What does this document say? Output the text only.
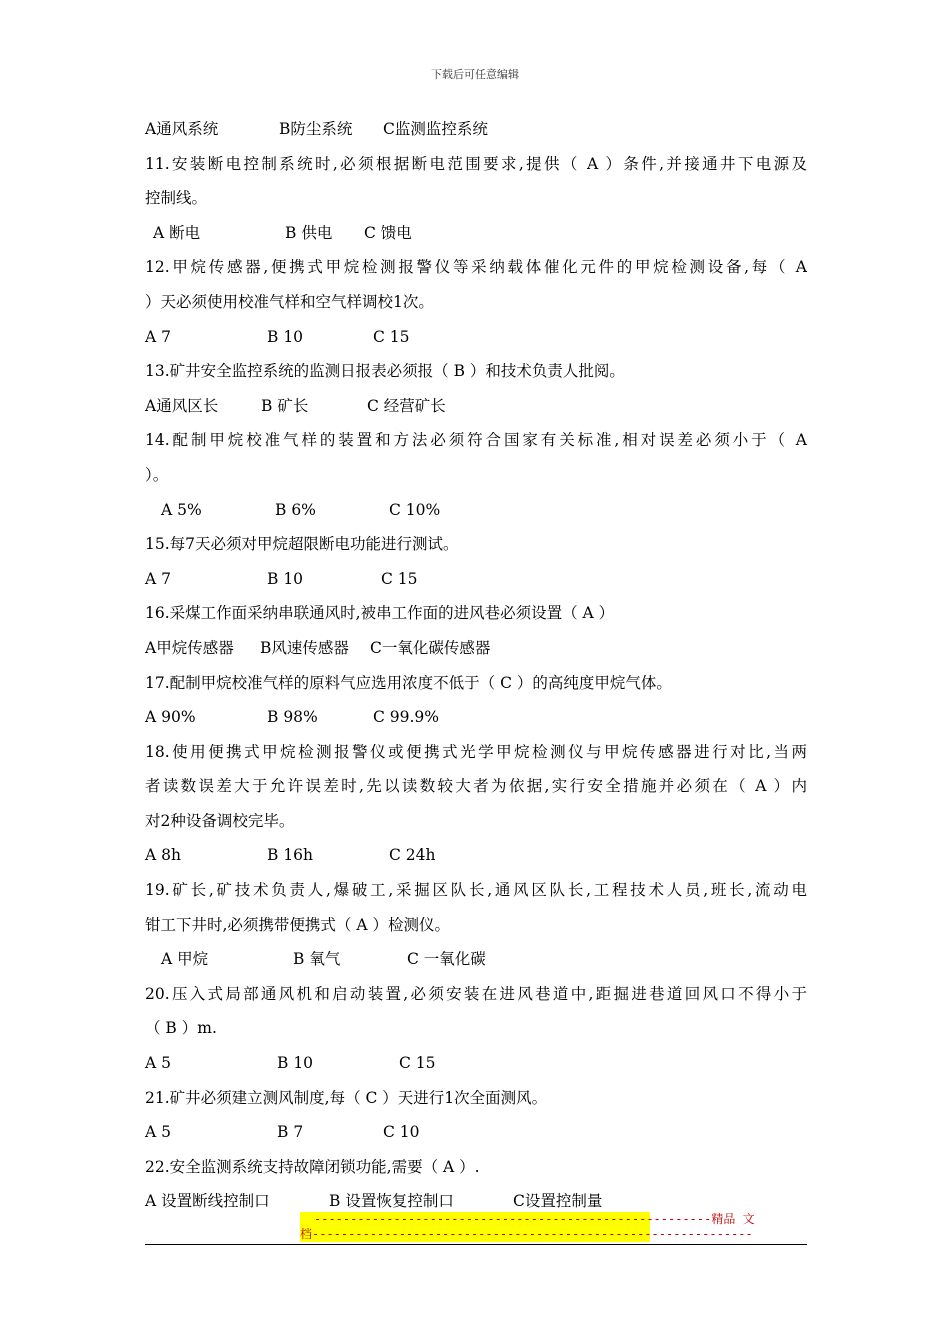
下载后可任意编辑
A通风系统	B防尘系统 C监测监控系统
11.安装断电控制系统时,必须根据断电范围要求,提供（ A ）条件,并接通井下电源及
控制线。
A 断电	B 供电 C 馈电
12.甲烷传感器,便携式甲烷检测报警仪等采纳载体催化元件的甲烷检测设备,每（ A
）天必须使用校准气样和空气样调校1次。
A 7	B 10	C 15
13.矿井安全监控系统的监测日报表必须报（ B ）和技术负责人批阅。
A通风区长	B 矿长	C 经营矿长
14.配制甲烷校准气样的装置和方法必须符合国家有关标准,相对误差必须小于（ A
）。
A 5%	B 6%	C 10%
15.每7天必须对甲烷超限断电功能进行测试。
A 7	B 10	C 15
16.采煤工作面采纳串联通风时,被串工作面的进风巷必须设置（ A ）
A甲烷传感器 B风速传感器 C一氧化碳传感器
17.配制甲烷校准气样的原料气应选用浓度不低于（ C ）的高纯度甲烷气体。
A 90%	B 98%	C 99.9%
18.使用便携式甲烷检测报警仪或便携式光学甲烷检测仪与甲烷传感器进行对比,当两
者读数误差大于允许误差时,先以读数较大者为依据,实行安全措施并必须在（ A ）内
对2种设备调校完毕。
A 8h	B 16h	C 24h
19.矿长,矿技术负责人,爆破工,采掘区队长,通风区队长,工程技术人员,班长,流动电
钳工下井时,必须携带便携式（ A ）检测仪。
A 甲烷	B 氧气	C 一氧化碳
20.压入式局部通风机和启动装置,必须安装在进风巷道中,距掘进巷道回风口不得小于
（ B ）m.
A 5	B 10	C 15
21.矿井必须建立测风制度,每（ C ）天进行1次全面测风。
A 5	B 7	C 10
22.安全监测系统支持故障闭锁功能,需要（ A ）.
A 设置断线控制口	B 设置恢复控制口	C设置控制量
-------------------------------------------------------精品 文
档-------------------------------------------------------------
